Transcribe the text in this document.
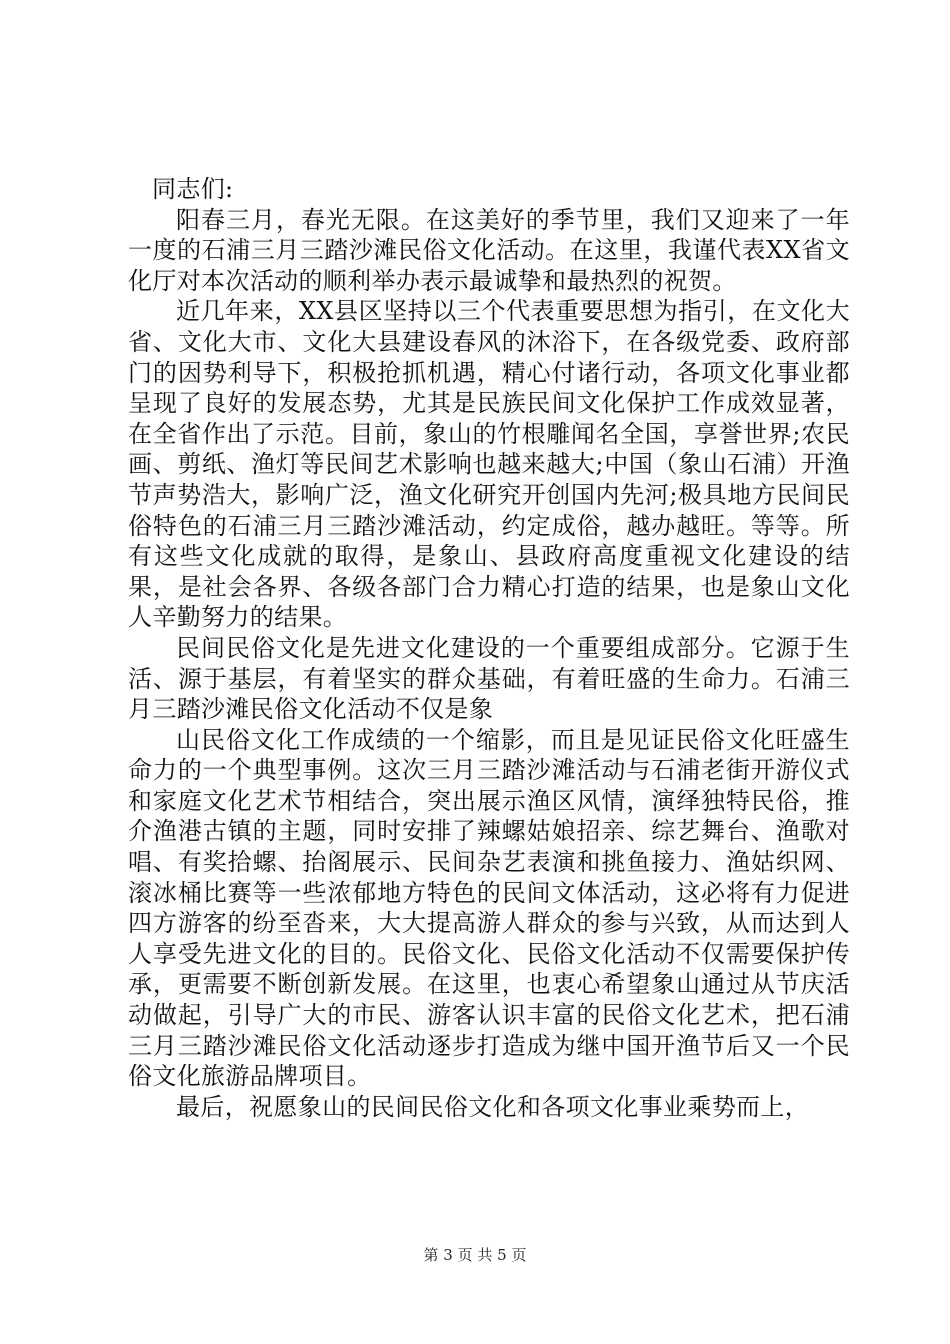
同志们:

阳春三月，春光无限。在这美好的季节里，我们又迎来了一年一度的石浦三月三踏沙滩民俗文化活动。在这里，我谨代表XX省文化厅对本次活动的顺利举办表示最诚挚和最热烈的祝贺。

近几年来，XX县区坚持以三个代表重要思想为指引，在文化大省、文化大市、文化大县建设春风的沐浴下，在各级党委、政府部门的因势利导下，积极抢抓机遇，精心付诸行动，各项文化事业都呈现了良好的发展态势，尤其是民族民间文化保护工作成效显著，在全省作出了示范。目前，象山的竹根雕闻名全国，享誉世界;农民画、剪纸、渔灯等民间艺术影响也越来越大;中国（象山石浦）开渔节声势浩大，影响广泛，渔文化研究开创国内先河;极具地方民间民俗特色的石浦三月三踏沙滩活动，约定成俗，越办越旺。等等。所有这些文化成就的取得，是象山、县政府高度重视文化建设的结果，是社会各界、各级各部门合力精心打造的结果，也是象山文化人辛勤努力的结果。

民间民俗文化是先进文化建设的一个重要组成部分。它源于生活、源于基层，有着坚实的群众基础，有着旺盛的生命力。石浦三月三踏沙滩民俗文化活动不仅是象

山民俗文化工作成绩的一个缩影，而且是见证民俗文化旺盛生命力的一个典型事例。这次三月三踏沙滩活动与石浦老街开游仪式和家庭文化艺术节相结合，突出展示渔区风情，演绎独特民俗，推介渔港古镇的主题，同时安排了辣螺姑娘招亲、综艺舞台、渔歌对唱、有奖拾螺、抬阁展示、民间杂艺表演和挑鱼接力、渔姑织网、滚冰桶比赛等一些浓郁地方特色的民间文体活动，这必将有力促进四方游客的纷至沓来，大大提高游人群众的参与兴致，从而达到人人享受先进文化的目的。民俗文化、民俗文化活动不仅需要保护传承，更需要不断创新发展。在这里，也衷心希望象山通过从节庆活动做起，引导广大的市民、游客认识丰富的民俗文化艺术，把石浦三月三踏沙滩民俗文化活动逐步打造成为继中国开渔节后又一个民俗文化旅游品牌项目。

最后，祝愿象山的民间民俗文化和各项文化事业乘势而上，

第 3 页 共 5 页
